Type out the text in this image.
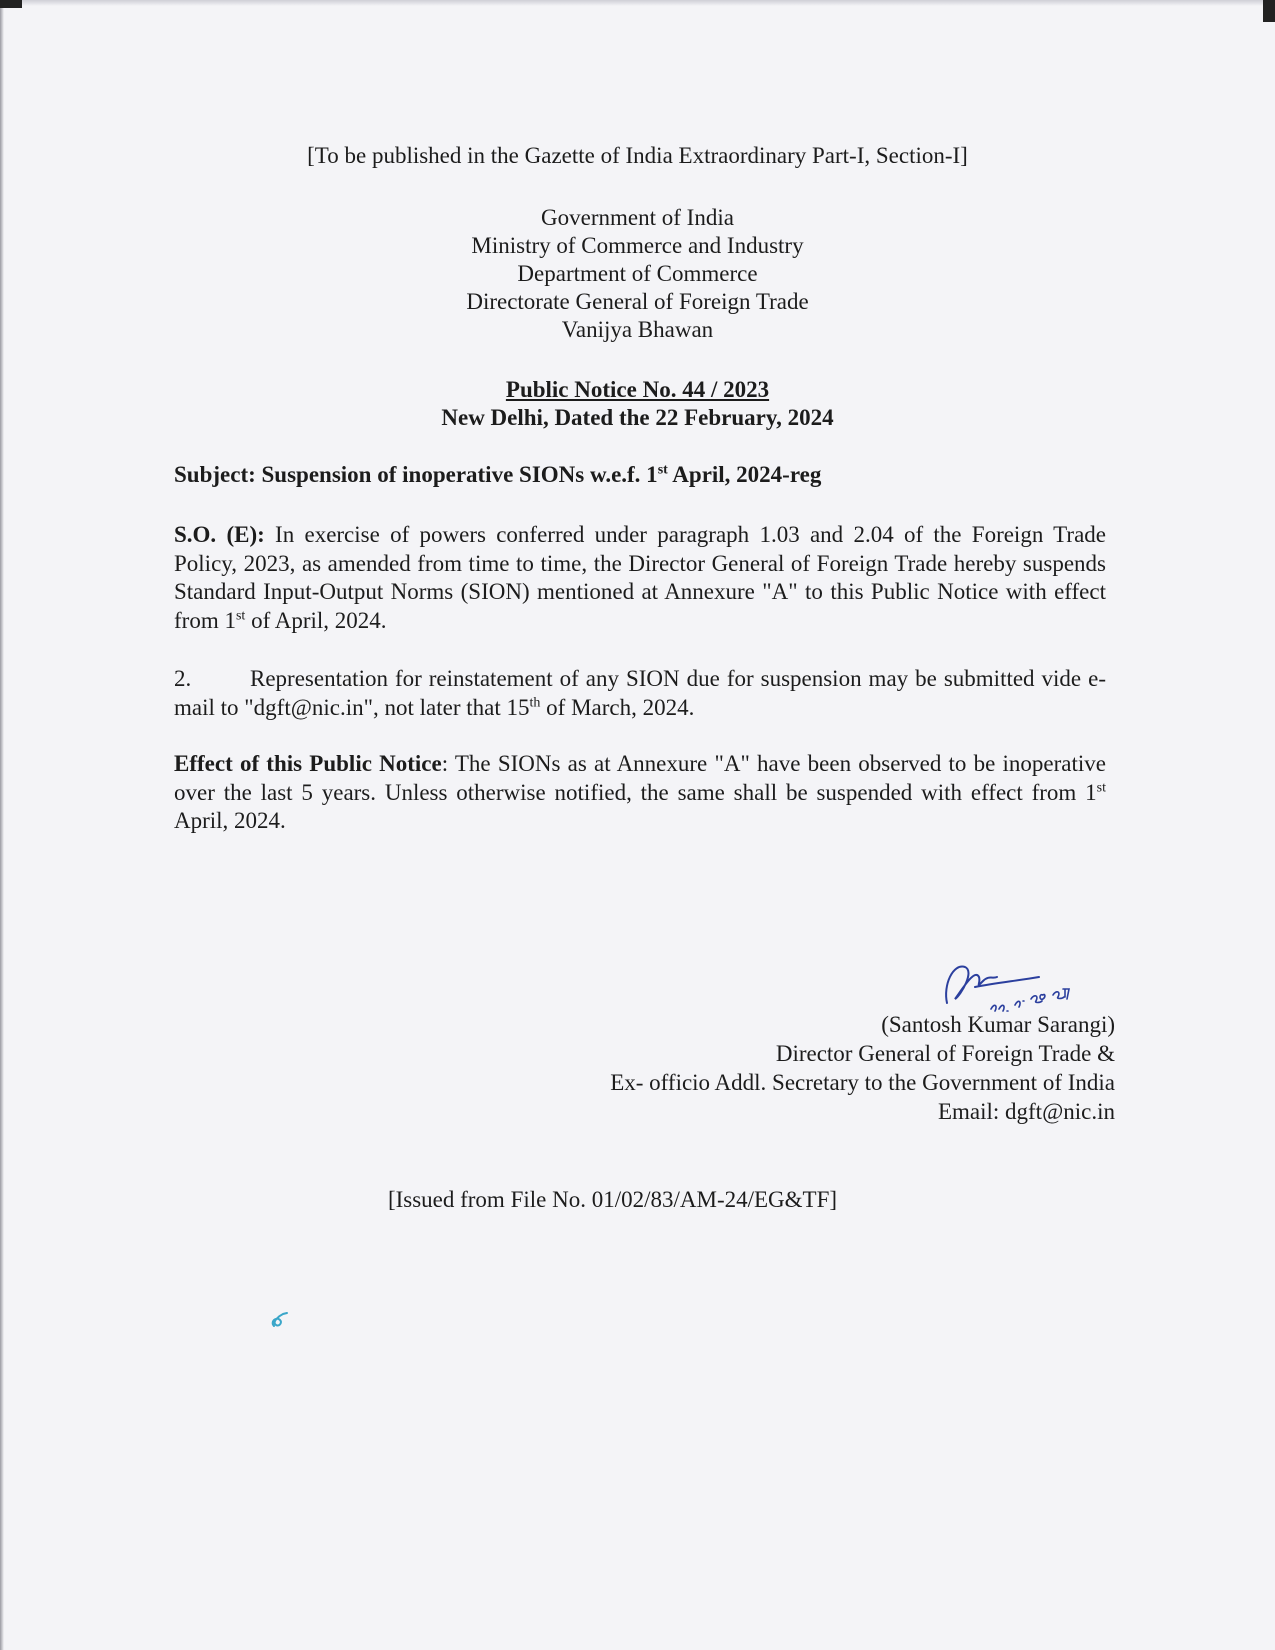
[To be published in the Gazette of India Extraordinary Part-I, Section-I]
Government of India
Ministry of Commerce and Industry
Department of Commerce
Directorate General of Foreign Trade
Vanijya Bhawan
Public Notice No. 44 / 2023
New Delhi, Dated the 22 February, 2024
Subject: Suspension of inoperative SIONs w.e.f. 1st April, 2024-reg
S.O. (E): In exercise of powers conferred under paragraph 1.03 and 2.04 of the Foreign Trade Policy, 2023, as amended from time to time, the Director General of Foreign Trade hereby suspends Standard Input-Output Norms (SION) mentioned at Annexure "A" to this Public Notice with effect from 1st of April, 2024.
2.	Representation for reinstatement of any SION due for suspension may be submitted vide e-mail to "dgft@nic.in", not later that 15th of March, 2024.
Effect of this Public Notice: The SIONs as at Annexure "A" have been observed to be inoperative over the last 5 years. Unless otherwise notified, the same shall be suspended with effect from 1st April, 2024.
(Santosh Kumar Sarangi)
Director General of Foreign Trade &
Ex- officio Addl. Secretary to the Government of India
Email: dgft@nic.in
[Issued from File No. 01/02/83/AM-24/EG&TF]
